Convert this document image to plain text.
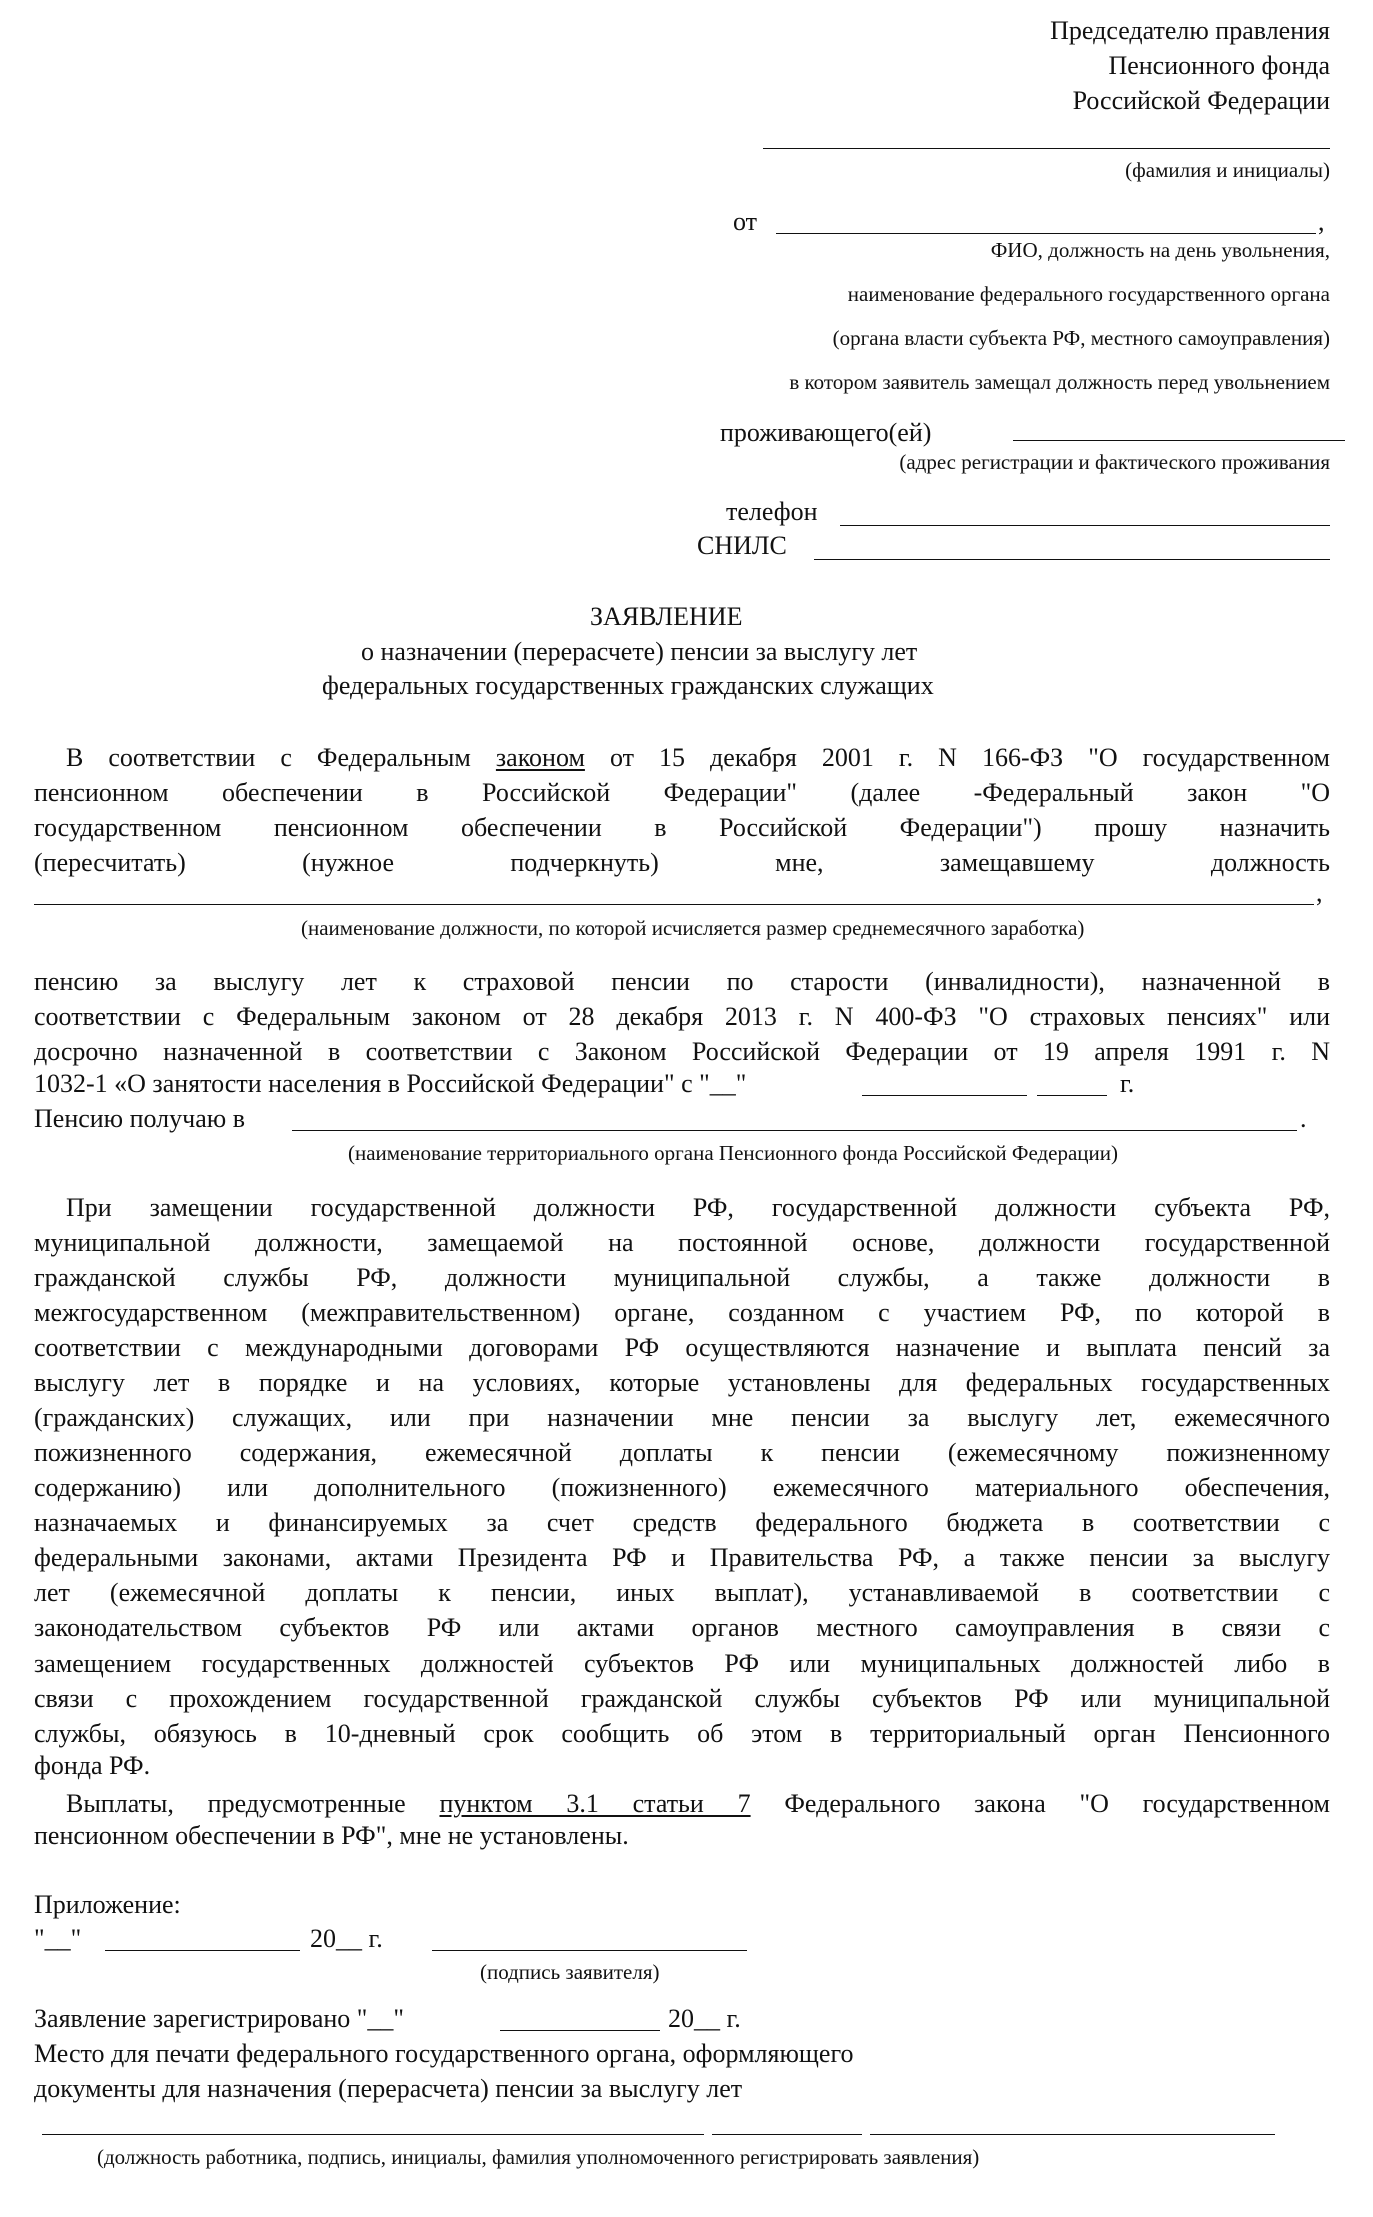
Председателю правления
Пенсионного фонда
Российской Федерации
(фамилия и инициалы)
от	,
ФИО, должность на день увольнения,
наименование федерального государственного органа
(органа власти субъекта РФ, местного самоуправления)
в котором заявитель замещал должность перед увольнением
проживающего(ей)
(адрес регистрации и фактического проживания
телефон
СНИЛС
ЗАЯВЛЕНИЕ
о назначении (перерасчете) пенсии за выслугу лет
федеральных государственных гражданских служащих
В соответствии с Федеральным законом от 15 декабря 2001 г. N 166-ФЗ "О государственном
пенсионном обеспечении в Российской Федерации" (далее -Федеральный закон "О
государственном пенсионном обеспечении в Российской Федерации") прошу назначить
(пересчитать) (нужное подчеркнуть) мне, замещавшему должность
,
(наименование должности, по которой исчисляется размер среднемесячного заработка)
пенсию за выслугу лет к страховой пенсии по старости (инвалидности), назначенной в
соответствии с Федеральным законом от 28 декабря 2013 г. N 400-ФЗ "О страховых пенсиях" или
досрочно назначенной в соответствии с Законом Российской Федерации от 19 апреля 1991 г. N
1032-1 «О занятости населения в Российской Федерации" с "__"	г.
Пенсию получаю в	.
(наименование территориального органа Пенсионного фонда Российской Федерации)
При замещении государственной должности РФ, государственной должности субъекта РФ,
муниципальной должности, замещаемой на постоянной основе, должности государственной
гражданской службы РФ, должности муниципальной службы, а также должности в
межгосударственном (межправительственном) органе, созданном с участием РФ, по которой в
соответствии с международными договорами РФ осуществляются назначение и выплата пенсий за
выслугу лет в порядке и на условиях, которые установлены для федеральных государственных
(гражданских) служащих, или при назначении мне пенсии за выслугу лет, ежемесячного
пожизненного содержания, ежемесячной доплаты к пенсии (ежемесячному пожизненному
содержанию) или дополнительного (пожизненного) ежемесячного материального обеспечения,
назначаемых и финансируемых за счет средств федерального бюджета в соответствии с
федеральными законами, актами Президента РФ и Правительства РФ, а также пенсии за выслугу
лет (ежемесячной доплаты к пенсии, иных выплат), устанавливаемой в соответствии с
законодательством субъектов РФ или актами органов местного самоуправления в связи с
замещением государственных должностей субъектов РФ или муниципальных должностей либо в
связи с прохождением государственной гражданской службы субъектов РФ или муниципальной
службы, обязуюсь в 10-дневный срок сообщить об этом в территориальный орган Пенсионного
фонда РФ.
Выплаты, предусмотренные пунктом 3.1 статьи 7 Федерального закона "О государственном
пенсионном обеспечении в РФ", мне не установлены.
Приложение:
"__"	20__ г.
(подпись заявителя)
Заявление зарегистрировано "__"	20__ г.
Место для печати федерального государственного органа, оформляющего
документы для назначения (перерасчета) пенсии за выслугу лет
(должность работника, подпись, инициалы, фамилия уполномоченного регистрировать заявления)
